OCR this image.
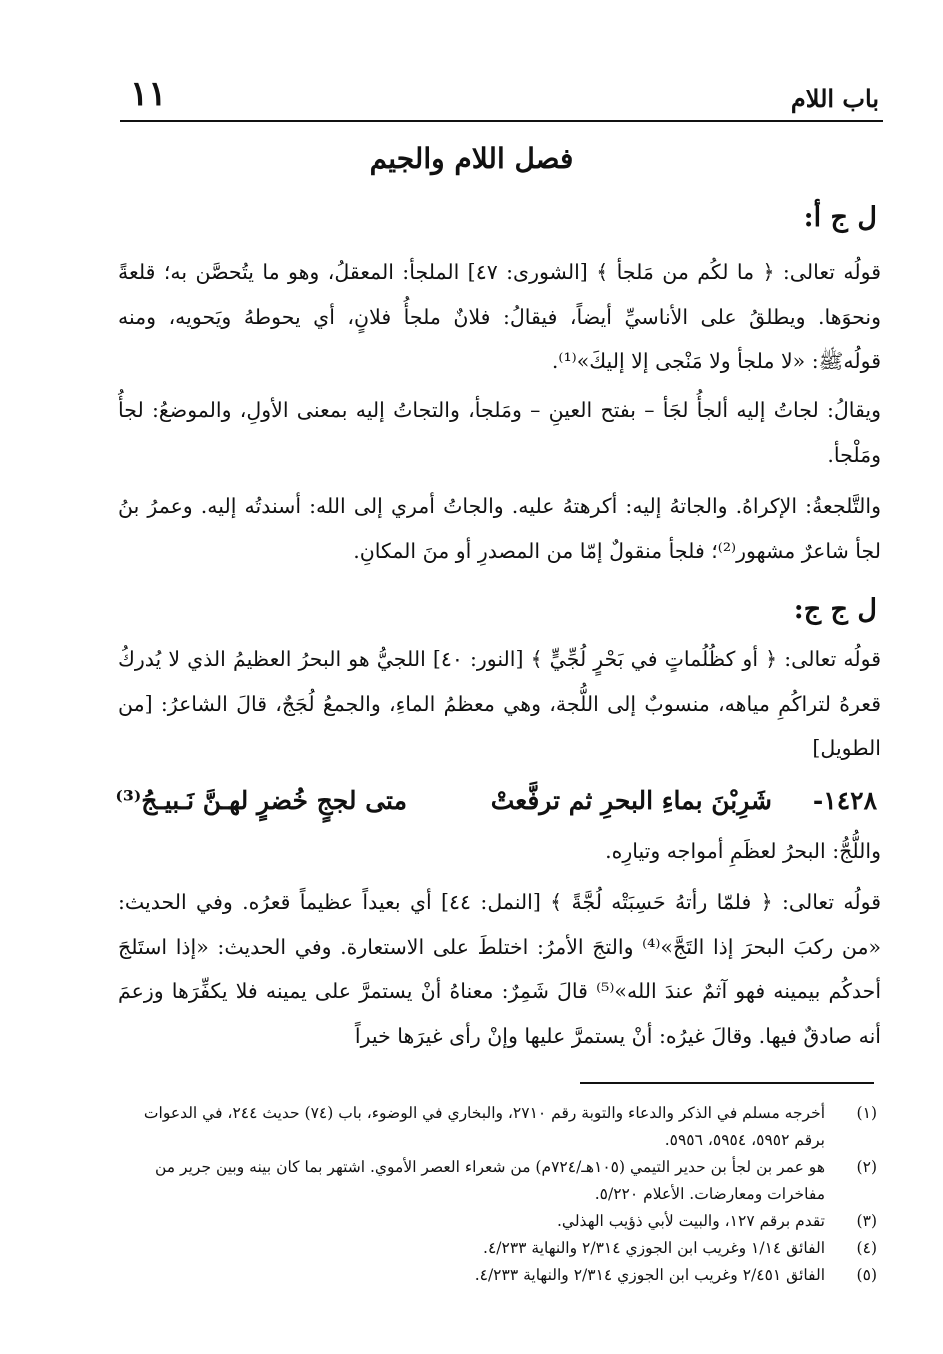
باب اللام
١١
فصل اللام والجيم
ل ج أ:
قولُه تعالى: ﴿ ما لكُم من مَلجأ ﴾ [الشورى: ٤٧] الملجأ: المعقلُ، وهو ما يتُحصَّن به؛ قلعةً ونحوَها. ويطلقُ على الأناسيِّ أيضاً، فيقالُ: فلانٌ ملجأُ فلانٍ، أي يحوطهُ ويَحويه، ومنه قولُهﷺ: «لا ملجأ ولا مَنْجى إلا إليكَ»⁽¹⁾.
ويقالُ: لجاتُ إليه ألجأُ لجَأ – بفتح العينِ – ومَلجأ، والتجاتُ إليه بمعنى الأولِ، والموضعُ: لجأُ ومَلْجأ.
والتَّلجعةُ: الإكراهُ. والجاتهُ إليه: أكرهتهُ عليه. والجاتُ أمري إلى الله: أسندتُه إليه. وعمرُ بنُ لجأ شاعرٌ مشهور⁽²⁾؛ فلجأ منقولٌ إمّا من المصدرِ أو منَ المكانِ.
ل ج ج:
قولُه تعالى: ﴿ أو كظُلُماتٍ في بَحْرٍ لُجِّيٍّ ﴾ [النور: ٤٠] اللجيُّ هو البحرُ العظيمُ الذي لا يُدركُ قعرهُ لتراكُمِ مياهه، منسوبٌ إلى اللُّجة، وهي معظمُ الماءِ، والجمعُ لُجَجٌ، قالَ الشاعرُ: [من الطويل]
١٤٢٨-
شَرِبْنَ بماءِ البحرِ ثم ترفَّعتْ
متى لججٍ خُضرٍ لهـنَّ نَـبيـجُ⁽³⁾
واللُّجُّ: البحرُ لعظَمِ أمواجه وتيارِه.
قولُه تعالى: ﴿ فلمّا رأتهُ حَسِبَتْه لُجَّةً ﴾ [النمل: ٤٤] أي بعيداً عظيماً قعرُه. وفي الحديث: «من ركبَ البحرَ إذا التَجَّ»⁽⁴⁾ والتجَ الأمرُ: اختلطَ على الاستعارة. وفي الحديث: «إذا استَلجَ أحدكُم بيمينه فهو آثمٌ عندَ الله»⁽⁵⁾ قالَ شَمِرٌ: معناهُ أنْ يستمرَّ على يمينه فلا يكفِّرَها وزعمَ أنه صادقٌ فيها. وقالَ غيرُه: أنْ يستمرَّ عليها وإنْ رأى غيرَها خيراً
(١)
أخرجه مسلم في الذكر والدعاء والتوبة رقم ٢٧١٠، والبخاري في الوضوء، باب (٧٤) حديث ٢٤٤، في الدعوات برقم ٥٩٥٢، ٥٩٥٤، ٥٩٥٦.
(٢)
هو عمر بن لجأ بن حدير التيمي (١٠٥هـ/٧٢٤م) من شعراء العصر الأموي. اشتهر بما كان بينه وبين جرير من مفاخرات ومعارضات. الأعلام ٥/٢٢٠.
(٣)
تقدم برقم ١٢٧، والبيت لأبي ذؤيب الهذلي.
(٤)
الفائق ١/١٤ وغريب ابن الجوزي ٢/٣١٤ والنهاية ٤/٢٣٣.
(٥)
الفائق ٢/٤٥١ وغريب ابن الجوزي ٢/٣١٤ والنهاية ٤/٢٣٣.
